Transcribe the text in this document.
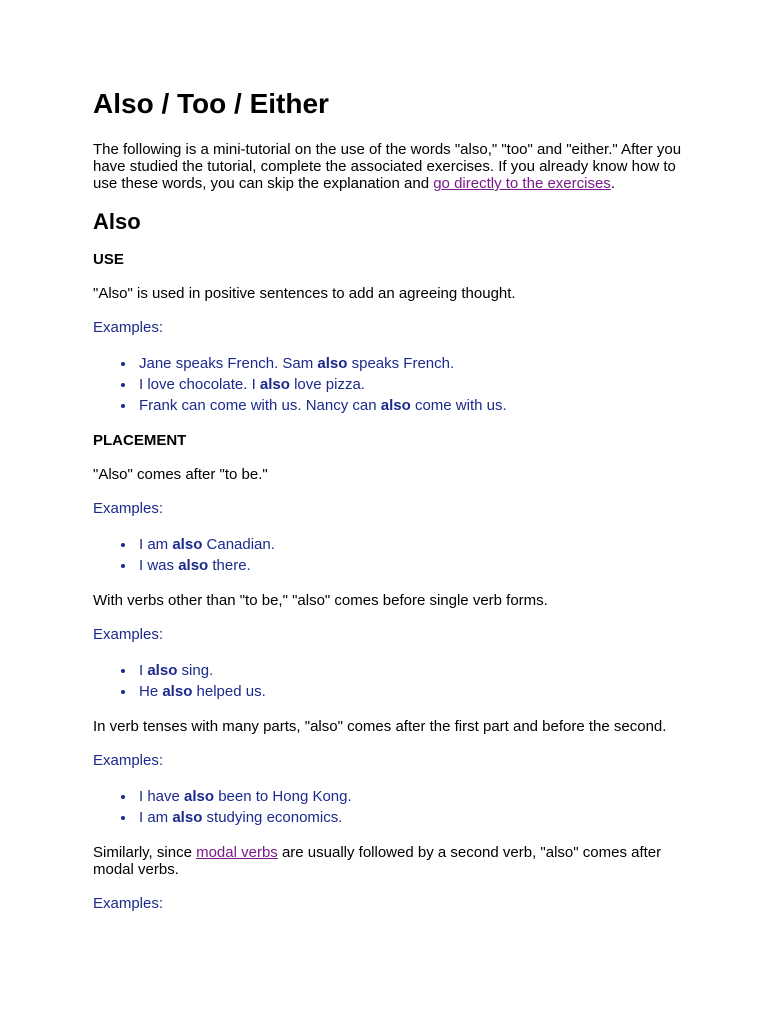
Also / Too / Either

The following is a mini-tutorial on the use of the words "also," "too" and "either." After you have studied the tutorial, complete the associated exercises. If you already know how to use these words, you can skip the explanation and go directly to the exercises.

Also
USE

"Also" is used in positive sentences to add an agreeing thought.

Examples:

Jane speaks French. Sam also speaks French.
I love chocolate. I also love pizza.
Frank can come with us. Nancy can also come with us.
PLACEMENT

"Also" comes after "to be."

Examples:

I am also Canadian.
I was also there.

With verbs other than "to be," "also" comes before single verb forms.

Examples:

I also sing.
He also helped us.

In verb tenses with many parts, "also" comes after the first part and before the second.

Examples:

I have also been to Hong Kong.
I am also studying economics.

Similarly, since modal verbs are usually followed by a second verb, "also" comes after modal verbs.

Examples:
